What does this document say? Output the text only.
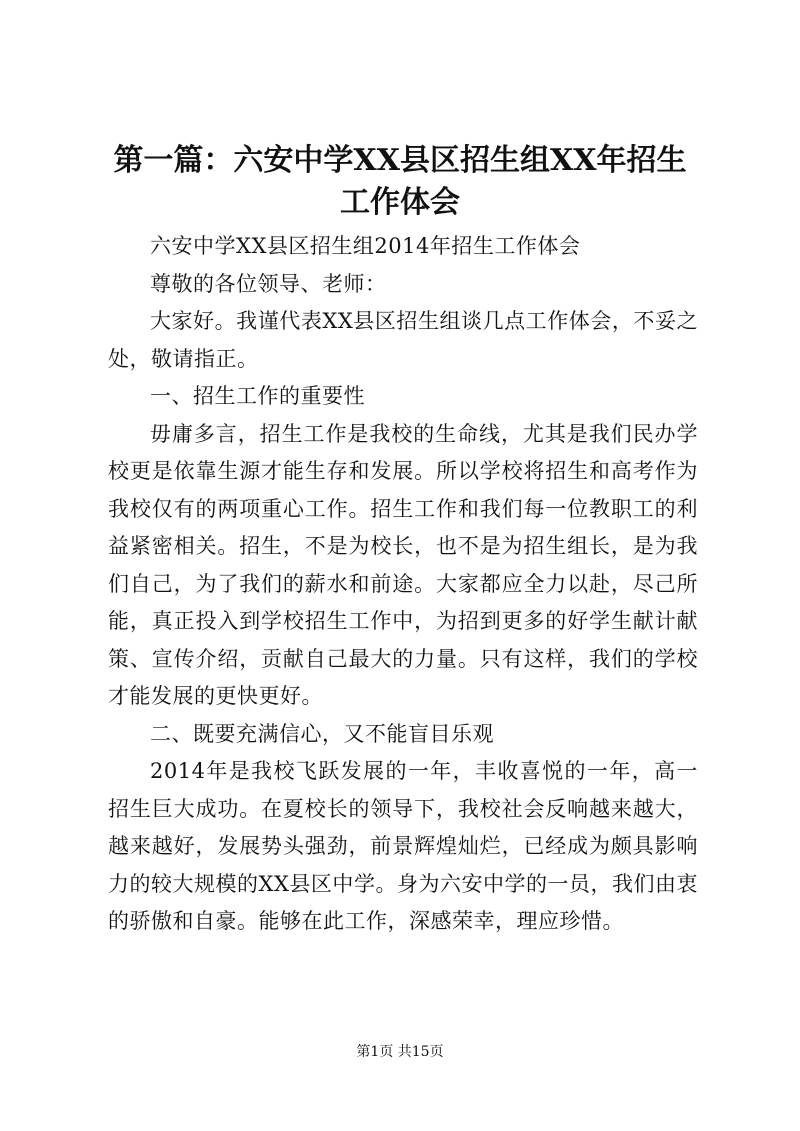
第一篇：六安中学XX县区招生组XX年招生工作体会

六安中学XX县区招生组2014年招生工作体会

尊敬的各位领导、老师：

大家好。我谨代表XX县区招生组谈几点工作体会，不妥之处，敬请指正。

一、招生工作的重要性

毋庸多言，招生工作是我校的生命线，尤其是我们民办学校更是依靠生源才能生存和发展。所以学校将招生和高考作为我校仅有的两项重心工作。招生工作和我们每一位教职工的利益紧密相关。招生，不是为校长，也不是为招生组长，是为我们自己，为了我们的薪水和前途。大家都应全力以赴，尽己所能，真正投入到学校招生工作中，为招到更多的好学生献计献策、宣传介绍，贡献自己最大的力量。只有这样，我们的学校才能发展的更快更好。

二、既要充满信心，又不能盲目乐观

2014年是我校飞跃发展的一年，丰收喜悦的一年，高一招生巨大成功。在夏校长的领导下，我校社会反响越来越大，越来越好，发展势头强劲，前景辉煌灿烂，已经成为颇具影响力的较大规模的XX县区中学。身为六安中学的一员，我们由衷的骄傲和自豪。能够在此工作，深感荣幸，理应珍惜。

第1页 共15页
